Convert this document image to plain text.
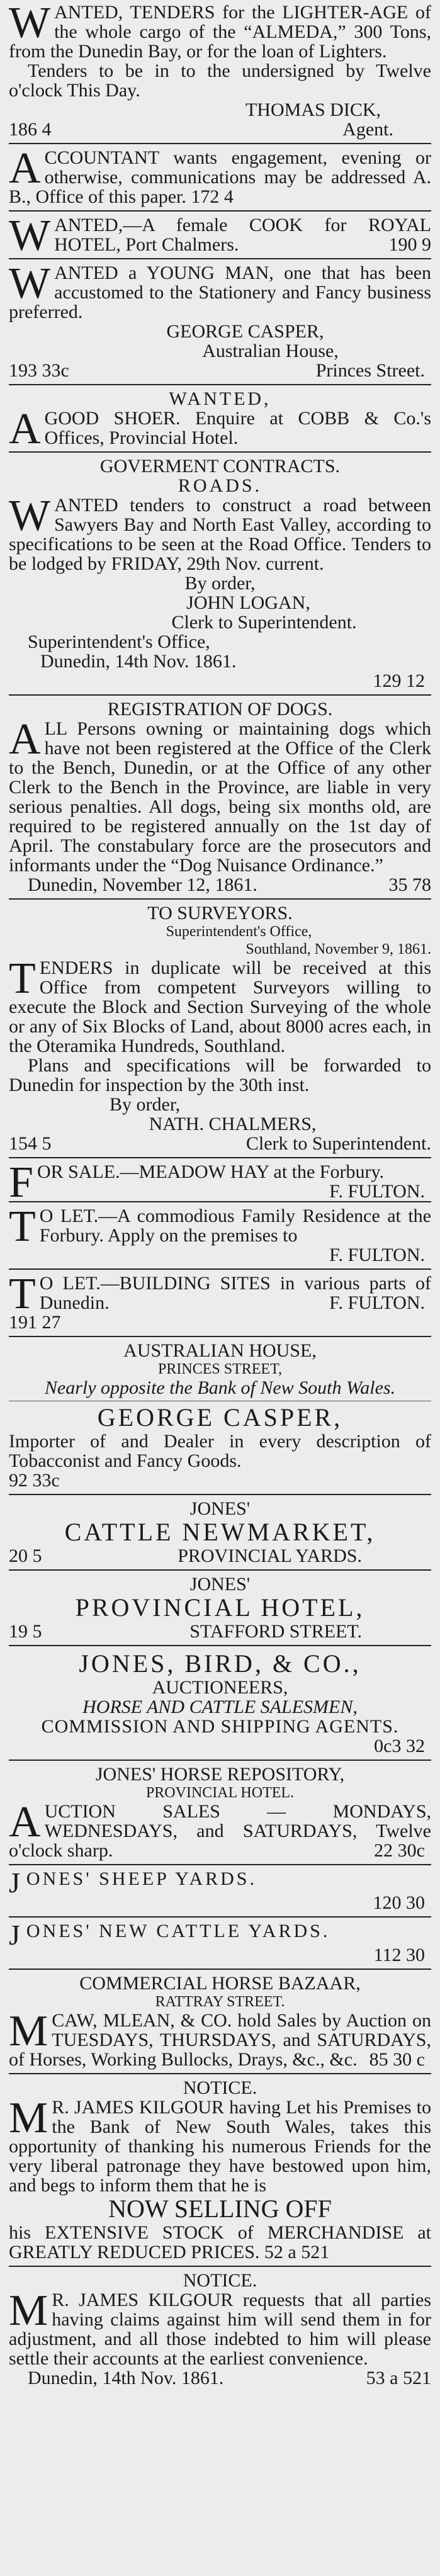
WANTED, TENDERS for the LIGHTER-AGE of the whole cargo of the “ALMEDA,” 300 Tons, from the Dunedin Bay, or for the loan of Lighters.

Tenders to be in to the undersigned by Twelve o'clock This Day.

THOMAS DICK,
186 4	Agent.

ACCOUNTANT wants engagement, evening or otherwise, communications may be addressed A. B., Office of this paper. 172 4

WANTED,—A female COOK for ROYAL HOTEL, Port Chalmers.	190 9

WANTED a YOUNG MAN, one that has been accustomed to the Stationery and Fancy business preferred.

GEORGE CASPER,
Australian House,
193 33c	Princes Street.
WANTED,

AGOOD SHOER. Enquire at COBB & Co.'s Offices, Provincial Hotel.

GOVERMENT CONTRACTS.
ROADS.

WANTED tenders to construct a road between Sawyers Bay and North East Valley, according to specifications to be seen at the Road Office. Tenders to be lodged by FRIDAY, 29th Nov. current.

By order,
JOHN LOGAN,
Clerk to Superintendent.
Superintendent's Office,
Dunedin, 14th Nov. 1861.
129 12
REGISTRATION OF DOGS.

ALL Persons owning or maintaining dogs which have not been registered at the Office of the Clerk to the Bench, Dunedin, or at the Office of any other Clerk to the Bench in the Province, are liable in very serious penalties. All dogs, being six months old, are required to be registered annually on the 1st day of April. The constabulary force are the prosecutors and informants under the “Dog Nuisance Ordinance.”

Dunedin, November 12, 1861.	35 78
TO SURVEYORS.
Superintendent's Office,
Southland, November 9, 1861.

TENDERS in duplicate will be received at this Office from competent Surveyors willing to execute the Block and Section Surveying of the whole or any of Six Blocks of Land, about 8000 acres each, in the Oteramika Hundreds, Southland.

Plans and specifications will be forwarded to Dunedin for inspection by the 30th inst.

By order,
NATH. CHALMERS,
154 5	Clerk to Superintendent.

FOR SALE.—MEADOW HAY at the Forbury.
F. FULTON.

T O LET.—A commodious Family Residence at the Forbury. Apply on the premises to

F. FULTON.

T O LET.—BUILDING SITES in various parts of Dunedin.	F. FULTON.

191 27
AUSTRALIAN HOUSE,
PRINCES STREET,
Nearly opposite the Bank of New South Wales.
GEORGE CASPER,

Importer of and Dealer in every description of Tobacconist and Fancy Goods.

92 33c
JONES'
CATTLE NEWMARKET,
20 5	PROVINCIAL YARDS.
JONES'
PROVINCIAL HOTEL,
19 5	STAFFORD STREET.
JONES, BIRD, & CO.,
AUCTIONEERS,
HORSE AND CATTLE SALESMEN,
COMMISSION AND SHIPPING AGENTS.
0c3 32
JONES' HORSE REPOSITORY,
PROVINCIAL HOTEL.

AUCTION SALES — MONDAYS, WEDNESDAYS, and SATURDAYS, Twelve o'clock sharp.	22 30c

JONES' SHEEP YARDS.

120 30

JONES' NEW CATTLE YARDS.

112 30
COMMERCIAL HORSE BAZAAR,
RATTRAY STREET.

MCAW, MLEAN, & CO. hold Sales by Auction on TUESDAYS, THURSDAYS, and SATURDAYS, of Horses, Working Bullocks, Drays, &c., &c. 85 30 c

NOTICE.

M R. JAMES KILGOUR having Let his Premises to the Bank of New South Wales, takes this opportunity of thanking his numerous Friends for the very liberal patronage they have bestowed upon him, and begs to inform them that he is

NOW SELLING OFF

his EXTENSIVE STOCK of MERCHANDISE at GREATLY REDUCED PRICES. 52 a 521

NOTICE.

M R. JAMES KILGOUR requests that all parties having claims against him will send them in for adjustment, and all those indebted to him will please settle their accounts at the earliest convenience.

Dunedin, 14th Nov. 1861.	53 a 521
